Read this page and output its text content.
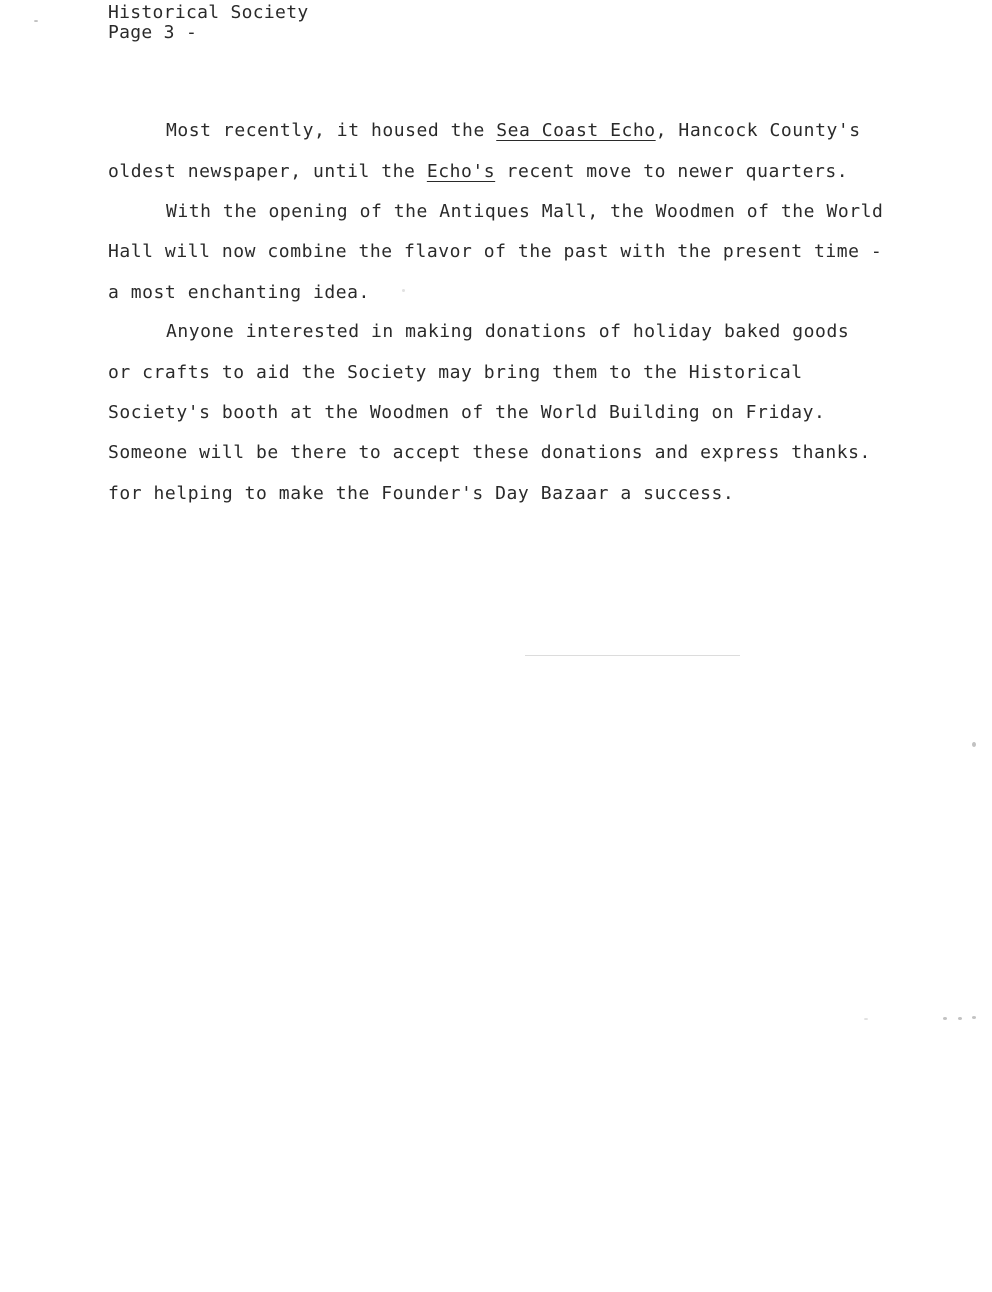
Historical Society
Page 3 -
Most recently, it housed the Sea Coast Echo, Hancock County's
oldest newspaper, until the Echo's recent move to newer quarters.
With the opening of the Antiques Mall, the Woodmen of the World
Hall will now combine the flavor of the past with the present time -
a most enchanting idea.
Anyone interested in making donations of holiday baked goods
or crafts to aid the Society may bring them to the Historical
Society's booth at the Woodmen of the World Building on Friday.
Someone will be there to accept these donations and express thanks.
for helping to make the Founder's Day Bazaar a success.
